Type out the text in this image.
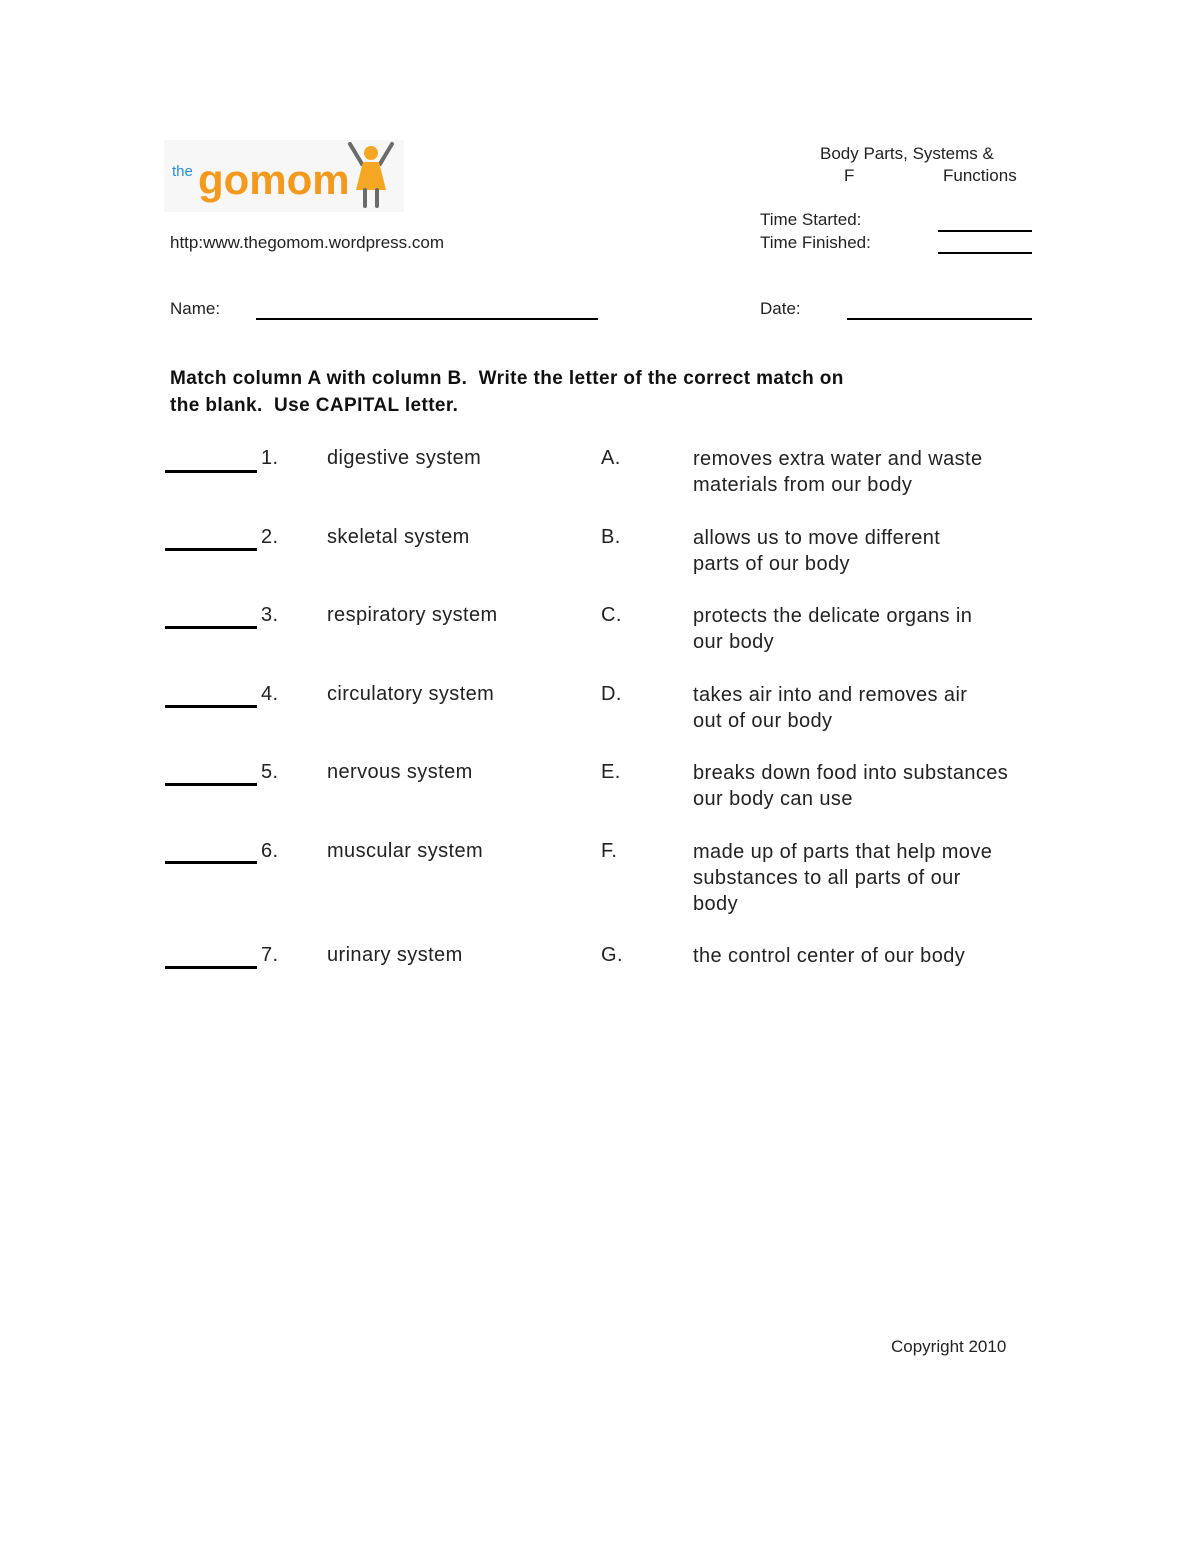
the gomom
Body Parts, Systems &
F	Functions
Time Started:
Time Finished:
http:www.thegomom.wordpress.com
Name:	Date:
Match column A with column B.  Write the letter of the correct match on
the blank.  Use CAPITAL letter.
1. digestive system	A.	removes extra water and waste materials from our body
2. skeletal system	B.	allows us to move different parts of our body
3. respiratory system	C.	protects the delicate organs in our body
4. circulatory system	D.	takes air into and removes air out of our body
5. nervous system	E.	breaks down food into substances our body can use
6. muscular system	F.	made up of parts that help move substances to all parts of our body
7. urinary system	G.	the control center of our body
Copyright 2010
